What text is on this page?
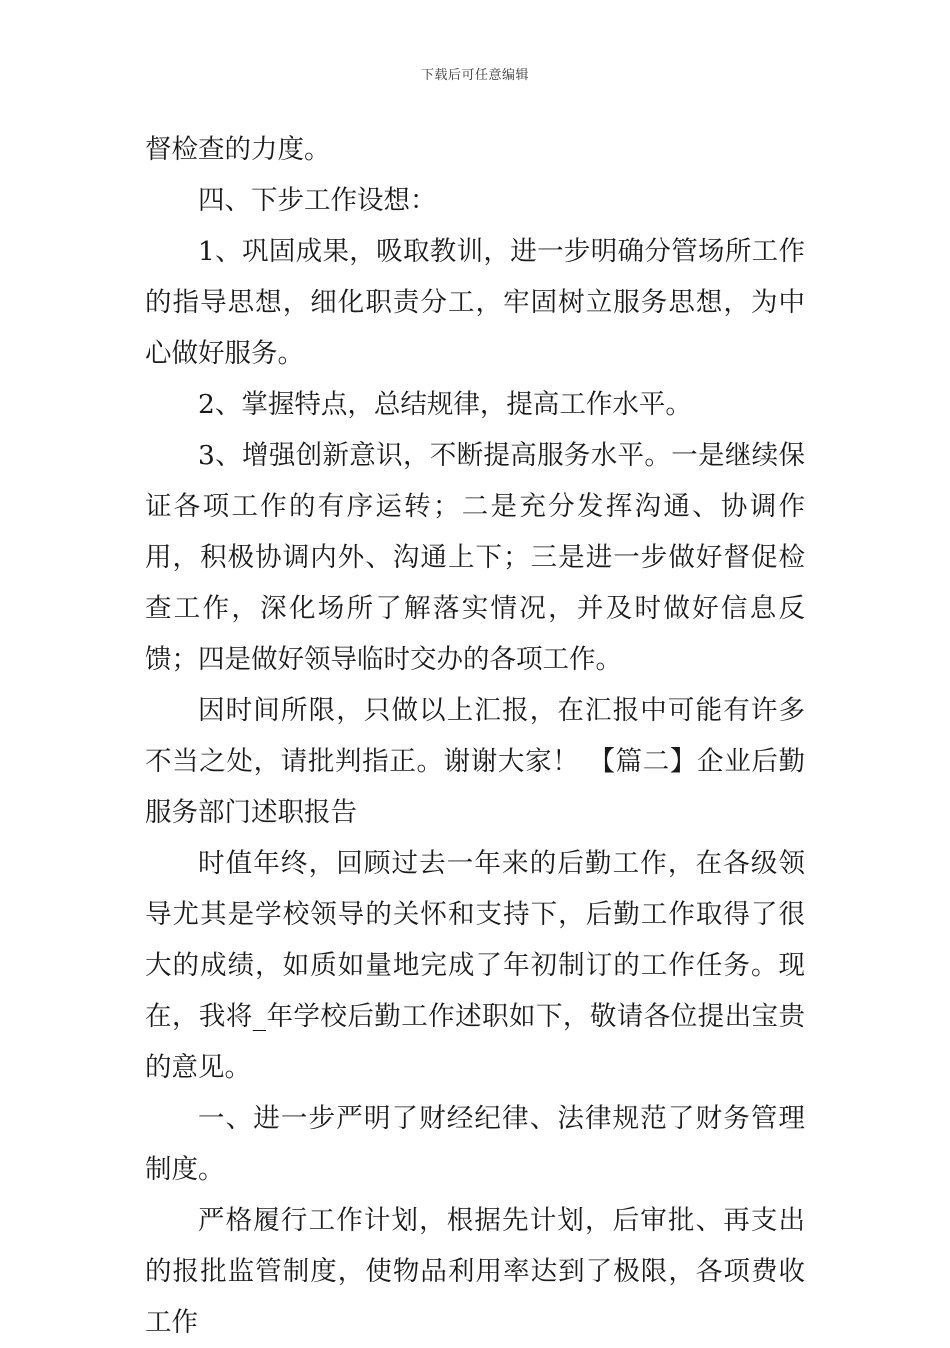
下载后可任意编辑

督检查的力度。

四、下步工作设想：

1、巩固成果，吸取教训，进一步明确分管场所工作的指导思想，细化职责分工，牢固树立服务思想，为中心做好服务。

2、掌握特点，总结规律，提高工作水平。

3、增强创新意识，不断提高服务水平。一是继续保证各项工作的有序运转；二是充分发挥沟通、协调作用，积极协调内外、沟通上下；三是进一步做好督促检查工作，深化场所了解落实情况，并及时做好信息反馈；四是做好领导临时交办的各项工作。

因时间所限，只做以上汇报，在汇报中可能有许多不当之处，请批判指正。谢谢大家！ 【篇二】企业后勤服务部门述职报告

时值年终，回顾过去一年来的后勤工作，在各级领导尤其是学校领导的关怀和支持下，后勤工作取得了很大的成绩，如质如量地完成了年初制订的工作任务。现在，我将_年学校后勤工作述职如下，敬请各位提出宝贵的意见。

一、进一步严明了财经纪律、法律规范了财务管理制度。

严格履行工作计划，根据先计划，后审批、再支出的报批监管制度，使物品利用率达到了极限，各项费收工作
